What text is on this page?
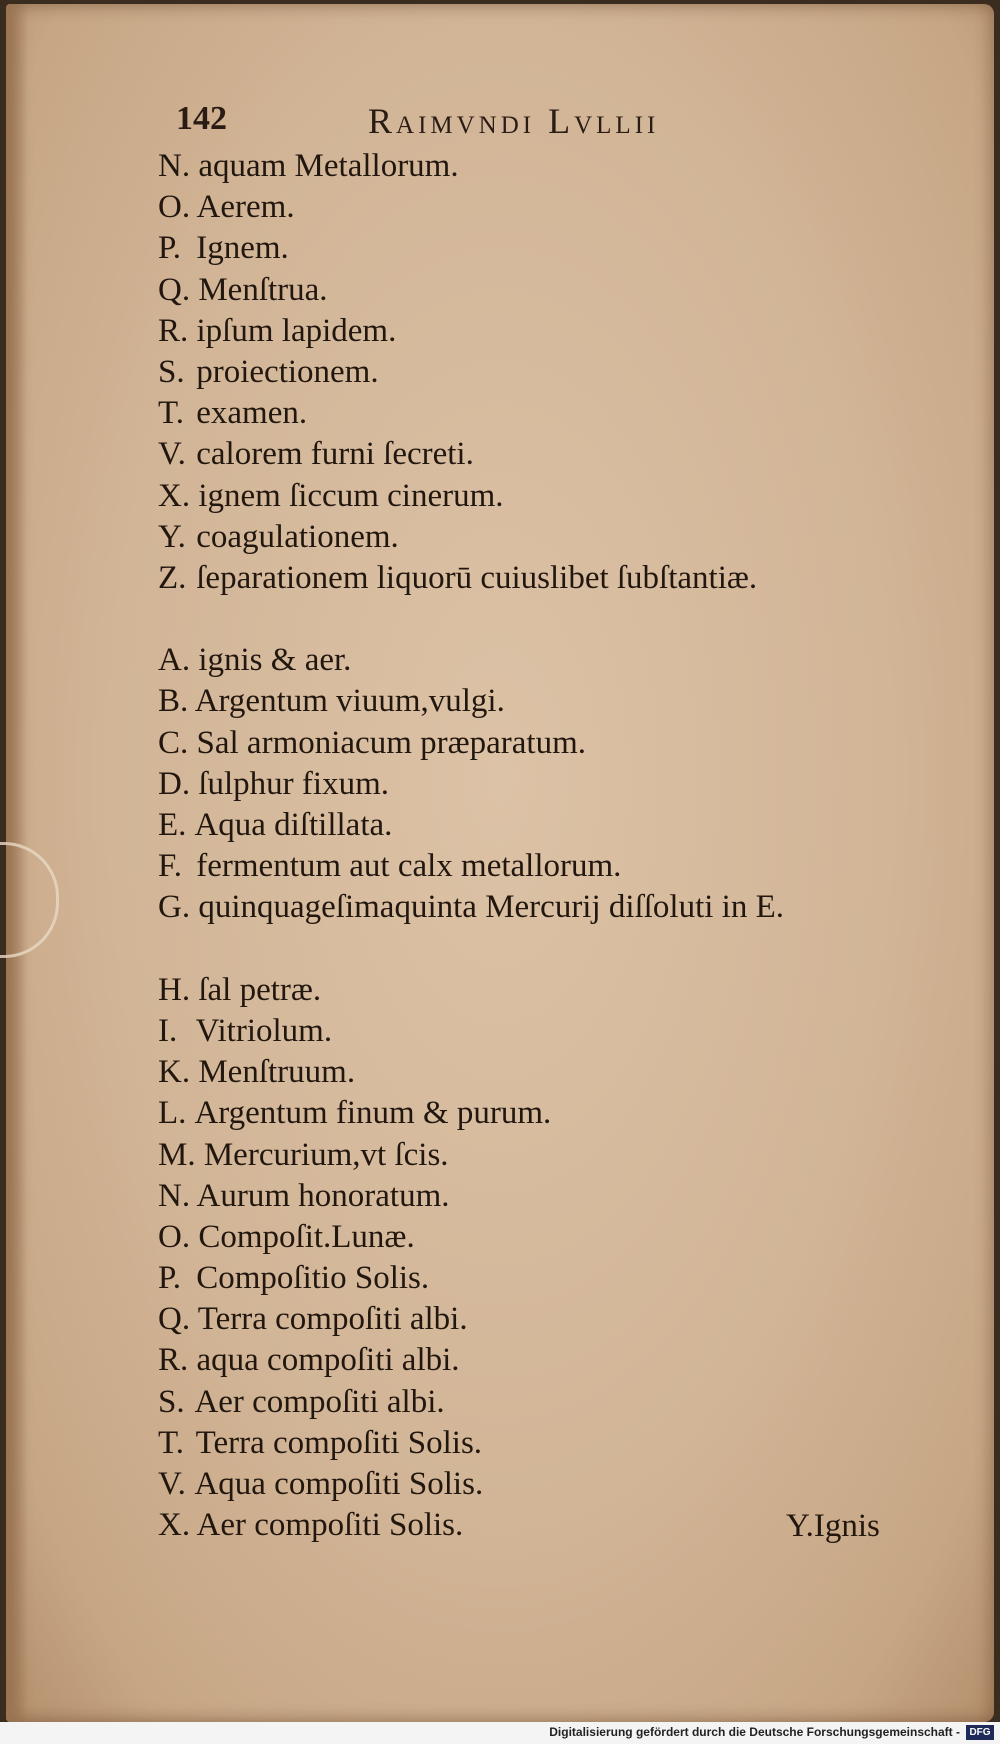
142	Raimvndi Lvllii
N. aquam Metallorum.
O. Aerem.
P. Ignem.
Q. Menſtrua.
R. ipſum lapidem.
S. proiectionem.
T. examen.
V. calorem furni ſecreti.
X. ignem ſiccum cinerum.
Y. coagulationem.
Z. ſeparationem liquorū cuiuslibet ſubſtantiæ.
A. ignis & aer.
B. Argentum viuum,vulgi.
C. Sal armoniacum præparatum.
D. ſulphur fixum.
E. Aqua diſtillata.
F. fermentum aut calx metallorum.
G. quinquageſimaquinta Mercurij diſſoluti in E.
H. ſal petræ.
I. Vitriolum.
K. Menſtruum.
L. Argentum finum & purum.
M. Mercurium,vt ſcis.
N. Aurum honoratum.
O. Compoſit.Lunæ.
P. Compoſitio Solis.
Q. Terra compoſiti albi.
R. aqua compoſiti albi.
S. Aer compoſiti albi.
T. Terra compoſiti Solis.
V. Aqua compoſiti Solis.
X. Aer compoſiti Solis.	Y.Ignis
Digitalisierung gefördert durch die Deutsche Forschungsgemeinschaft - DFG
